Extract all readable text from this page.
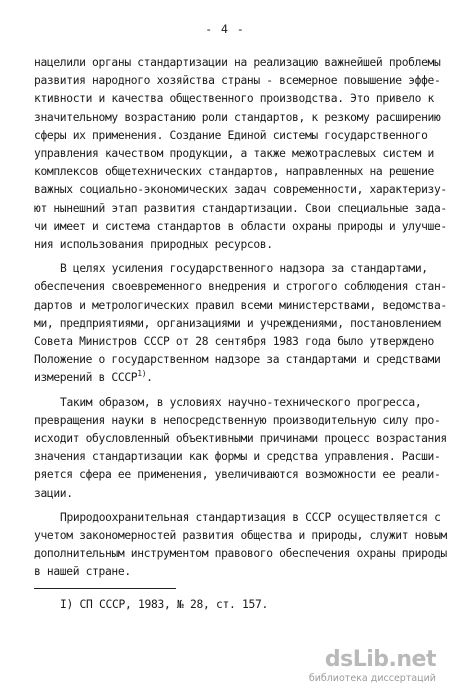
- 4 -
нацелили органы стандартизации на реализацию важнейшей проблемы
развития народного хозяйства страны - всемерное повышение эффе-
ктивности и качества общественного производства. Это привело к
значительному возрастанию роли стандартов, к резкому расширению
сферы их применения. Создание Единой системы государственного
управления качеством продукции, а также межотраслевых систем и
комплексов общетехнических стандартов, направленных на решение
важных социально-экономических задач современности, характеризу-
ют нынешний этап развития стандартизации. Свои специальные зада-
чи имеет и система стандартов в области охраны природы и улучше-
ния использования природных ресурсов.
В целях усиления государственного надзора за стандартами,
обеспечения своевременного внедрения и строгого соблюдения стан-
дартов и метрологических правил всеми министерствами, ведомства-
ми, предприятиями, организациями и учреждениями, постановлением
Совета Министров СССР от 28 сентября 1983 года было утверждено
Положение о государственном надзоре за стандартами и средствами
измерений в СССР$^{1)}$.
Таким образом, в условиях научно-технического прогресса,
превращения науки в непосредственную производительную силу про-
исходит обусловленный объективными причинами процесс возрастания
значения стандартизации как формы и средства управления. Расши-
ряется сфера ее применения, увеличиваются возможности ее реали-
зации.
Природоохранительная стандартизация в СССР осуществляется с
учетом закономерностей развития общества и природы, служит новым
дополнительным инструментом правового обеспечения охраны природы
в нашей стране.
I) СП СССР, 1983, № 28, ст. 157.
dsLib.net
библиотека диссертаций
